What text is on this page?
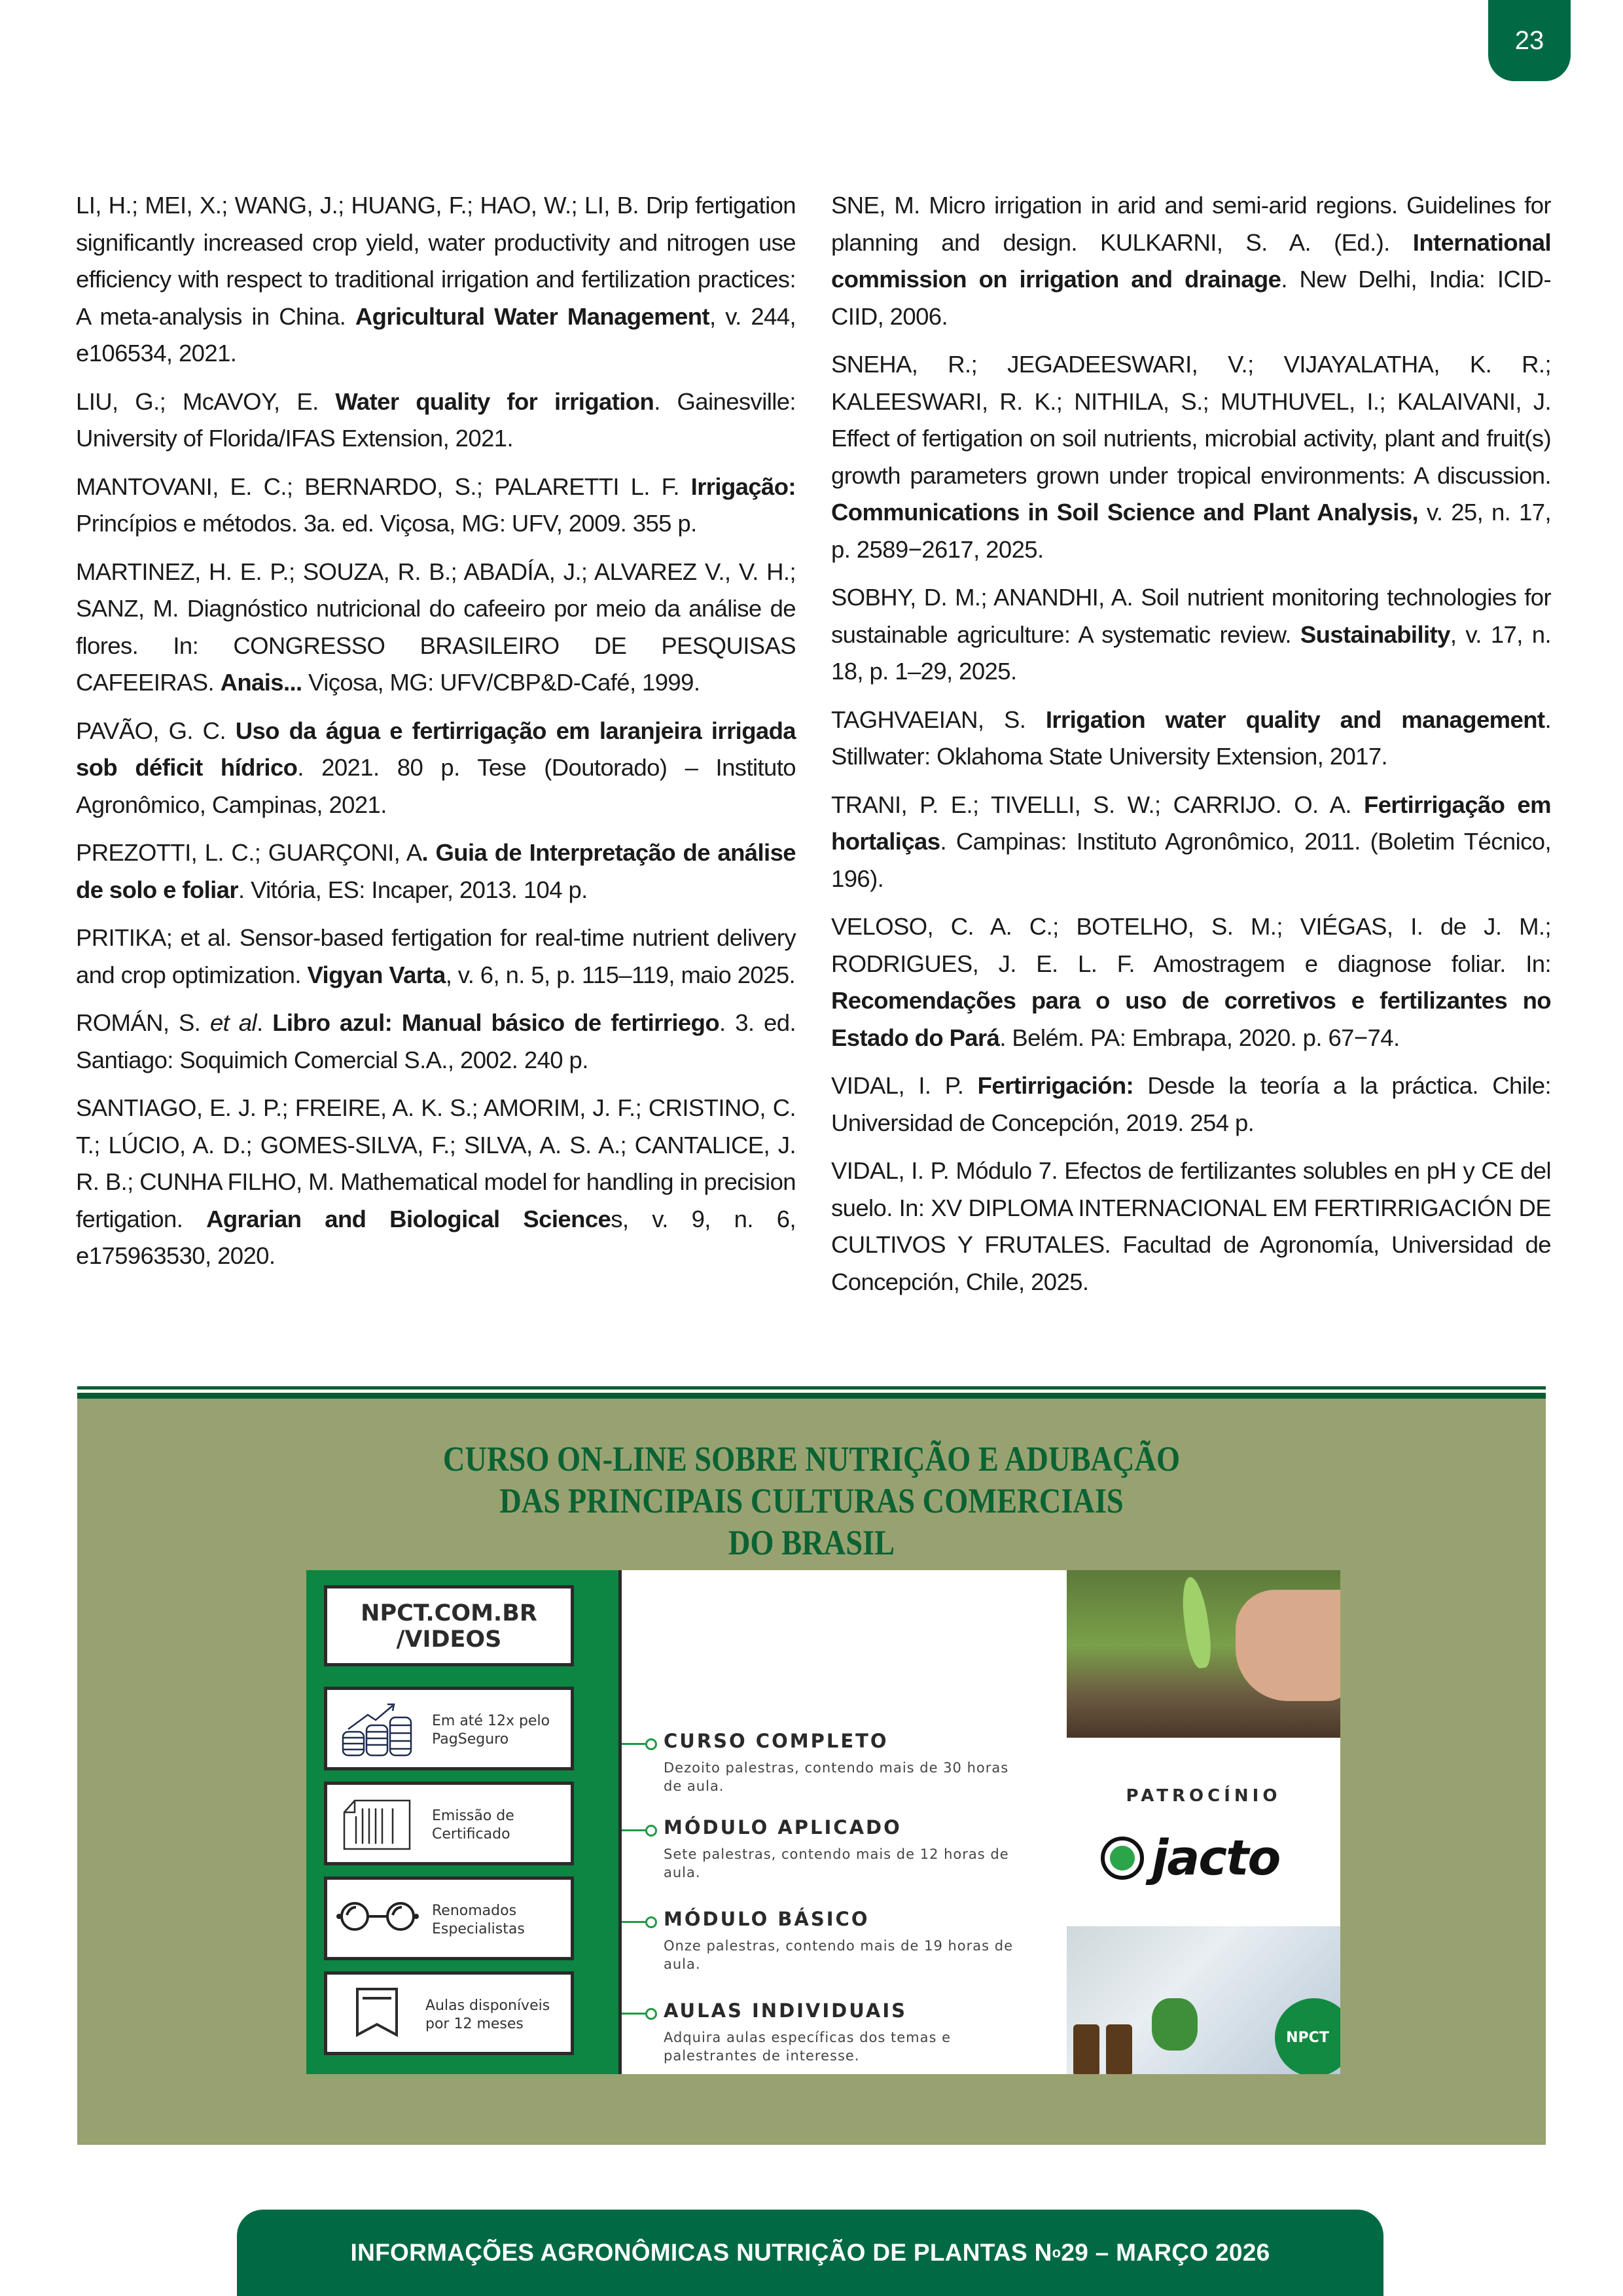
23

LI, H.; MEI, X.; WANG, J.; HUANG, F.; HAO, W.; LI, B. Drip fertigation significantly increased crop yield, water productivity and nitrogen use efficiency with respect to traditional irrigation and fertilization practices: A meta-analysis in China. Agricultural Water Management, v. 244, e106534, 2021.

LIU, G.; McAVOY, E. Water quality for irrigation. Gainesville: University of Florida/IFAS Extension, 2021.

MANTOVANI, E. C.; BERNARDO, S.; PALARETTI L. F. Irrigação: Princípios e métodos. 3a. ed. Viçosa, MG: UFV, 2009. 355 p.

MARTINEZ, H. E. P.; SOUZA, R. B.; ABADÍA, J.; ALVAREZ V., V. H.; SANZ, M. Diagnóstico nutricional do cafeeiro por meio da análise de flores. In: CONGRESSO BRASILEIRO DE PESQUISAS CAFEEIRAS. Anais... Viçosa, MG: UFV/CBP&D-Café, 1999.

PAVÃO, G. C. Uso da água e fertirrigação em laranjeira irrigada sob déficit hídrico. 2021. 80 p. Tese (Doutorado) – Instituto Agronômico, Campinas, 2021.

PREZOTTI, L. C.; GUARÇONI, A. Guia de Interpretação de análise de solo e foliar. Vitória, ES: Incaper, 2013. 104 p.

PRITIKA; et al. Sensor-based fertigation for real-time nutrient delivery and crop optimization. Vigyan Varta, v. 6, n. 5, p. 115–119, maio 2025.

ROMÁN, S. et al. Libro azul: Manual básico de fertirriego. 3. ed. Santiago: Soquimich Comercial S.A., 2002. 240 p.

SANTIAGO, E. J. P.; FREIRE, A. K. S.; AMORIM, J. F.; CRISTINO, C. T.; LÚCIO, A. D.; GOMES-SILVA, F.; SILVA, A. S. A.; CANTALICE, J. R. B.; CUNHA FILHO, M. Mathematical model for handling in precision fertigation. Agrarian and Biological Sciences, v. 9, n. 6, e175963530, 2020.

SNE, M. Micro irrigation in arid and semi-arid regions. Guidelines for planning and design. KULKARNI, S. A. (Ed.). International commission on irrigation and drainage. New Delhi, India: ICID-CIID, 2006.

SNEHA, R.; JEGADEESWARI, V.; VIJAYALATHA, K. R.; KALEESWARI, R. K.; NITHILA, S.; MUTHUVEL, I.; KALAIVANI, J. Effect of fertigation on soil nutrients, microbial activity, plant and fruit(s) growth parameters grown under tropical environments: A discussion. Communications in Soil Science and Plant Analysis, v. 25, n. 17, p. 2589−2617, 2025.

SOBHY, D. M.; ANANDHI, A. Soil nutrient monitoring technologies for sustainable agriculture: A systematic review. Sustainability, v. 17, n. 18, p. 1–29, 2025.

TAGHVAEIAN, S. Irrigation water quality and management. Stillwater: Oklahoma State University Extension, 2017.

TRANI, P. E.; TIVELLI, S. W.; CARRIJO. O. A. Fertirrigação em hortaliças. Campinas: Instituto Agronômico, 2011. (Boletim Técnico, 196).

VELOSO, C. A. C.; BOTELHO, S. M.; VIÉGAS, I. de J. M.; RODRIGUES, J. E. L. F. Amostragem e diagnose foliar. In: Recomendações para o uso de corretivos e fertilizantes no Estado do Pará. Belém. PA: Embrapa, 2020. p. 67−74.

VIDAL, I. P. Fertirrigación: Desde la teoría a la práctica. Chile: Universidad de Concepción, 2019. 254 p.

VIDAL, I. P. Módulo 7. Efectos de fertilizantes solubles en pH y CE del suelo. In: XV DIPLOMA INTERNACIONAL EM FERTIRRIGACIÓN DE CULTIVOS Y FRUTALES. Facultad de Agronomía, Universidad de Concepción, Chile, 2025.

CURSO ON-LINE SOBRE NUTRIÇÃO E ADUBAÇÃO
DAS PRINCIPAIS CULTURAS COMERCIAIS
DO BRASIL
NPCT.COM.BR
/VIDEOS
Em até 12x pelo
PagSeguro
Emissão de
Certificado
Renomados
Especialistas
Aulas disponíveis
por 12 meses
CURSO COMPLETO
Dezoito palestras, contendo mais de 30 horas de aula.
MÓDULO APLICADO
Sete palestras, contendo mais de 12 horas de aula.
MÓDULO BÁSICO
Onze palestras, contendo mais de 19 horas de aula.
AULAS INDIVIDUAIS
Adquira aulas específicas dos temas e palestrantes de interesse.
PATROCÍNIO
jacto
NPCT
INFORMAÇÕES AGRONÔMICAS NUTRIÇÃO DE PLANTAS N o 29 – MARÇO 2026
